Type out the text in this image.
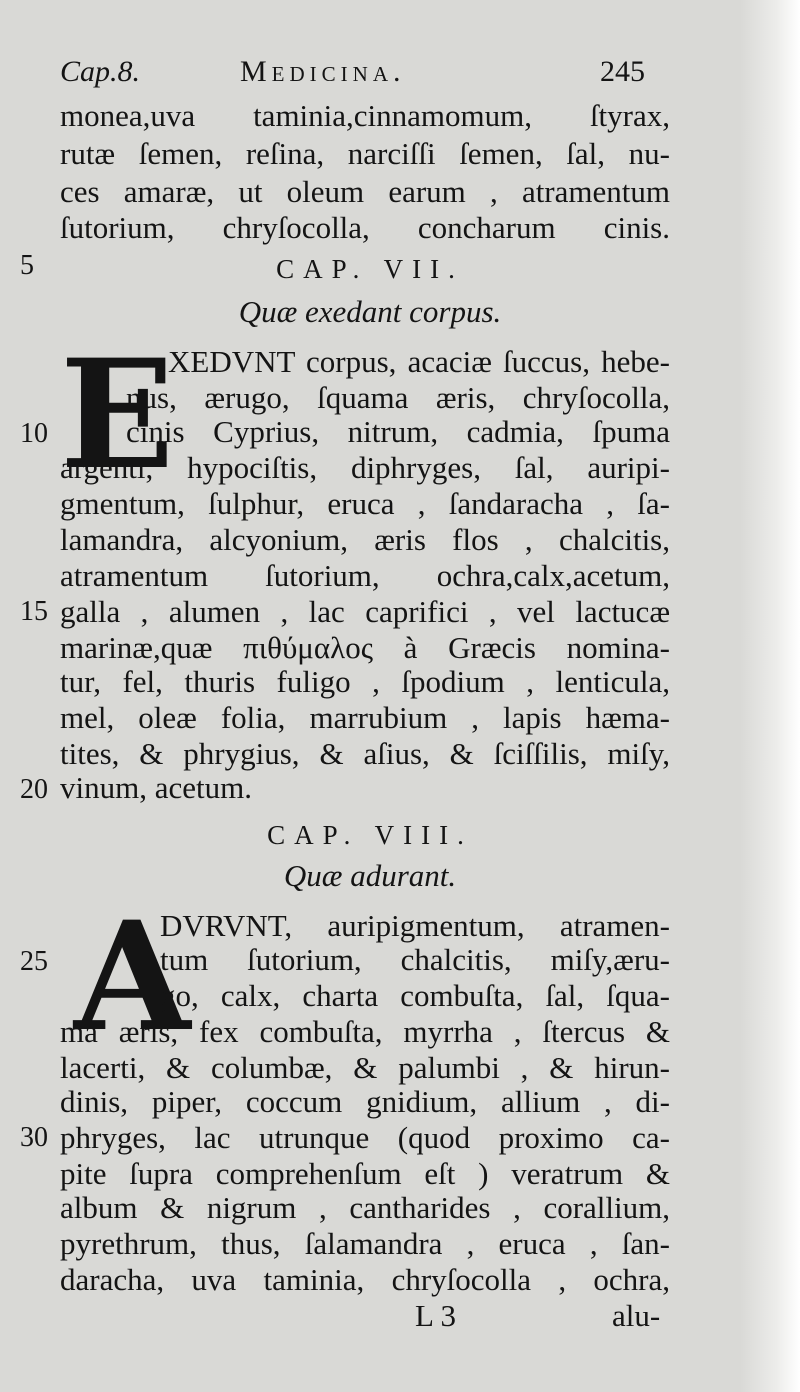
Cap.8.	Medicina.	245
monea,uva taminia,cinnamomum, ſtyrax,
rutæ ſemen, reſina, narciſſi ſemen, ſal, nu-
ces amaræ, ut oleum earum , atramentum
ſutorium, chryſocolla, concharum cinis.
5	CAP. VII.
Quæ exedant corpus.
E
XEDVNT corpus, acaciæ ſuccus, hebe-
nus, ærugo, ſquama æris, chryſocolla,
10	cinis Cyprius, nitrum, cadmia, ſpuma
argenti, hypociſtis, diphryges, ſal, auripi-
gmentum, ſulphur, eruca , ſandaracha , ſa-
lamandra, alcyonium, æris flos , chalcitis,
atramentum ſutorium, ochra,calx,acetum,
15 galla , alumen , lac caprifici , vel lactucæ
marinæ,quæ πιθύμαλος à Græcis nomina-
tur, fel, thuris fuligo , ſpodium , lenticula,
mel, oleæ folia, marrubium , lapis hæma-
tites, & phrygius, & aſius, & ſciſſilis, miſy,
20 vinum, acetum.
CAP. VIII.
Quæ adurant.
A
DVRVNT, auripigmentum, atramen-
25	tum ſutorium, chalcitis, miſy,æru-
go, calx, charta combuſta, ſal, ſqua-
ma æris, fex combuſta, myrrha , ſtercus &
lacerti, & columbæ, & palumbi , & hirun-
dinis, piper, coccum gnidium, allium , di-
30 phryges, lac utrunque (quod proximo ca-
pite ſupra comprehenſum eſt ) veratrum &
album & nigrum , cantharides , corallium,
pyrethrum, thus, ſalamandra , eruca , ſan-
daracha, uva taminia, chryſocolla , ochra,
L 3	alu-
